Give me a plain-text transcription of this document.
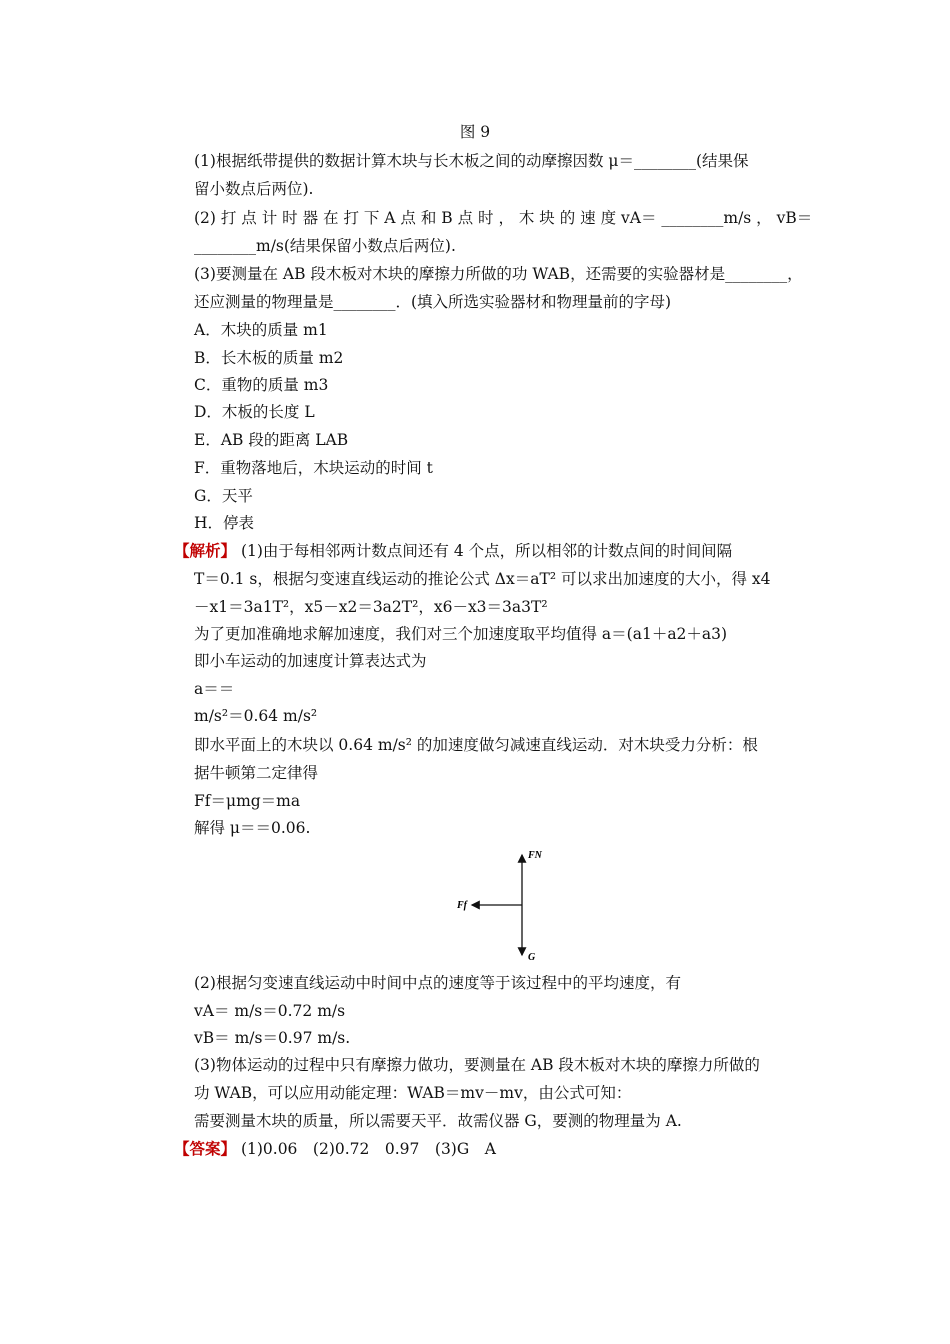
图 9
(1)根据纸带提供的数据计算木块与长木板之间的动摩擦因数 μ＝________(结果保
留小数点后两位).
(2) 打 点 计 时 器 在 打 下 A 点 和 B 点 时 ， 木 块 的 速 度 vA＝ ________m/s ， vB＝
________m/s(结果保留小数点后两位).
(3)要测量在 AB 段木板对木块的摩擦力所做的功 WAB，还需要的实验器材是________，
还应测量的物理量是________．(填入所选实验器材和物理量前的字母)
A．木块的质量 m1
B．长木板的质量 m2
C．重物的质量 m3
D．木板的长度 L
E．AB 段的距离 LAB
F．重物落地后，木块运动的时间 t
G．天平
H．停表
【解析】 (1)由于每相邻两计数点间还有 4 个点，所以相邻的计数点间的时间间隔
T＝0.1 s，根据匀变速直线运动的推论公式 Δx＝aT² 可以求出加速度的大小，得 x4
－x1＝3a1T²，x5－x2＝3a2T²，x6－x3＝3a3T²
为了更加准确地求解加速度，我们对三个加速度取平均值得 a＝(a1＋a2＋a3)
即小车运动的加速度计算表达式为
a＝＝
m/s²＝0.64 m/s²
即水平面上的木块以 0.64 m/s² 的加速度做匀减速直线运动．对木块受力分析：根
据牛顿第二定律得
Ff＝μmg＝ma
解得 μ＝＝0.06.
FN
Ff
G
(2)根据匀变速直线运动中时间中点的速度等于该过程中的平均速度，有
vA＝ m/s＝0.72 m/s
vB＝ m/s＝0.97 m/s.
(3)物体运动的过程中只有摩擦力做功，要测量在 AB 段木板对木块的摩擦力所做的
功 WAB，可以应用动能定理：WAB＝mv－mv，由公式可知：
需要测量木块的质量，所以需要天平．故需仪器 G，要测的物理量为 A.
【答案】 (1)0.06　(2)0.72　0.97　(3)G　A
